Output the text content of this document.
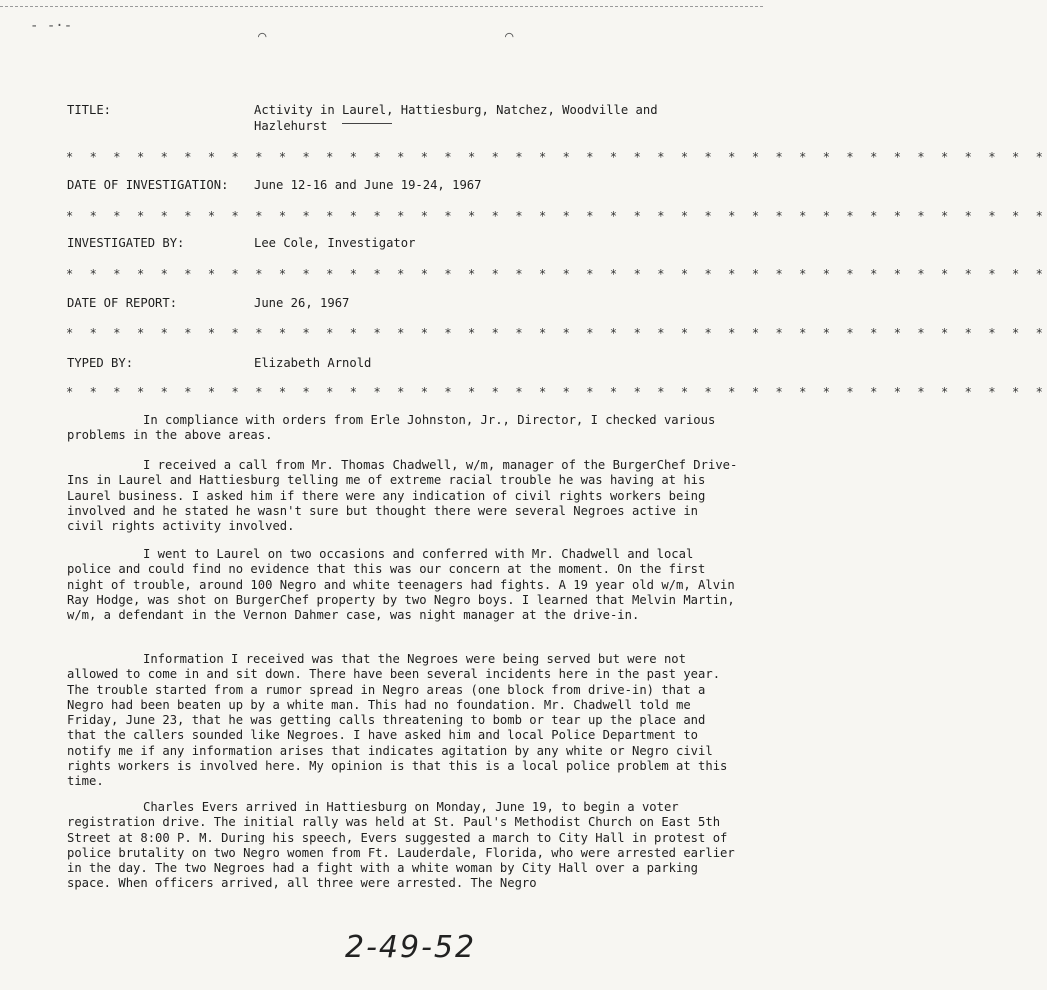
- -·-
⌒	⌒
TITLE:	Activity in Laurel, Hattiesburg, Natchez, Woodville and
Hazlehurst
* * * * * * * * * * * * * * * * * * * * * * * * * * * * * * * * * * * * * * * * * *
DATE OF INVESTIGATION: June 12-16 and June 19-24, 1967
* * * * * * * * * * * * * * * * * * * * * * * * * * * * * * * * * * * * * * * * * *
INVESTIGATED BY:	Lee Cole, Investigator
* * * * * * * * * * * * * * * * * * * * * * * * * * * * * * * * * * * * * * * * * *
DATE OF REPORT:	June 26, 1967
* * * * * * * * * * * * * * * * * * * * * * * * * * * * * * * * * * * * * * * * * *
TYPED BY:	Elizabeth Arnold
* * * * * * * * * * * * * * * * * * * * * * * * * * * * * * * * * * * * * * * * * *

In compliance with orders from Erle Johnston, Jr., Director, I checked various problems in the above areas.

I received a call from Mr. Thomas Chadwell, w/m, manager of the BurgerChef Drive-Ins in Laurel and Hattiesburg telling me of extreme racial trouble he was having at his Laurel business. I asked him if there were any indication of civil rights workers being involved and he stated he wasn't sure but thought there were several Negroes active in civil rights activity involved.

I went to Laurel on two occasions and conferred with Mr. Chadwell and local police and could find no evidence that this was our concern at the moment. On the first night of trouble, around 100 Negro and white teenagers had fights. A 19 year old w/m, Alvin Ray Hodge, was shot on BurgerChef property by two Negro boys. I learned that Melvin Martin, w/m, a defendant in the Vernon Dahmer case, was night manager at the drive-in.

Information I received was that the Negroes were being served but were not allowed to come in and sit down. There have been several incidents here in the past year. The trouble started from a rumor spread in Negro areas (one block from drive-in) that a Negro had been beaten up by a white man. This had no foundation. Mr. Chadwell told me Friday, June 23, that he was getting calls threatening to bomb or tear up the place and that the callers sounded like Negroes. I have asked him and local Police Department to notify me if any information arises that indicates agitation by any white or Negro civil rights workers is involved here. My opinion is that this is a local police problem at this time.

Charles Evers arrived in Hattiesburg on Monday, June 19, to begin a voter registration drive. The initial rally was held at St. Paul's Methodist Church on East 5th Street at 8:00 P. M. During his speech, Evers suggested a march to City Hall in protest of police brutality on two Negro women from Ft. Lauderdale, Florida, who were arrested earlier in the day. The two Negroes had a fight with a white woman by City Hall over a parking space. When officers arrived, all three were arrested. The Negro

2-49-52
